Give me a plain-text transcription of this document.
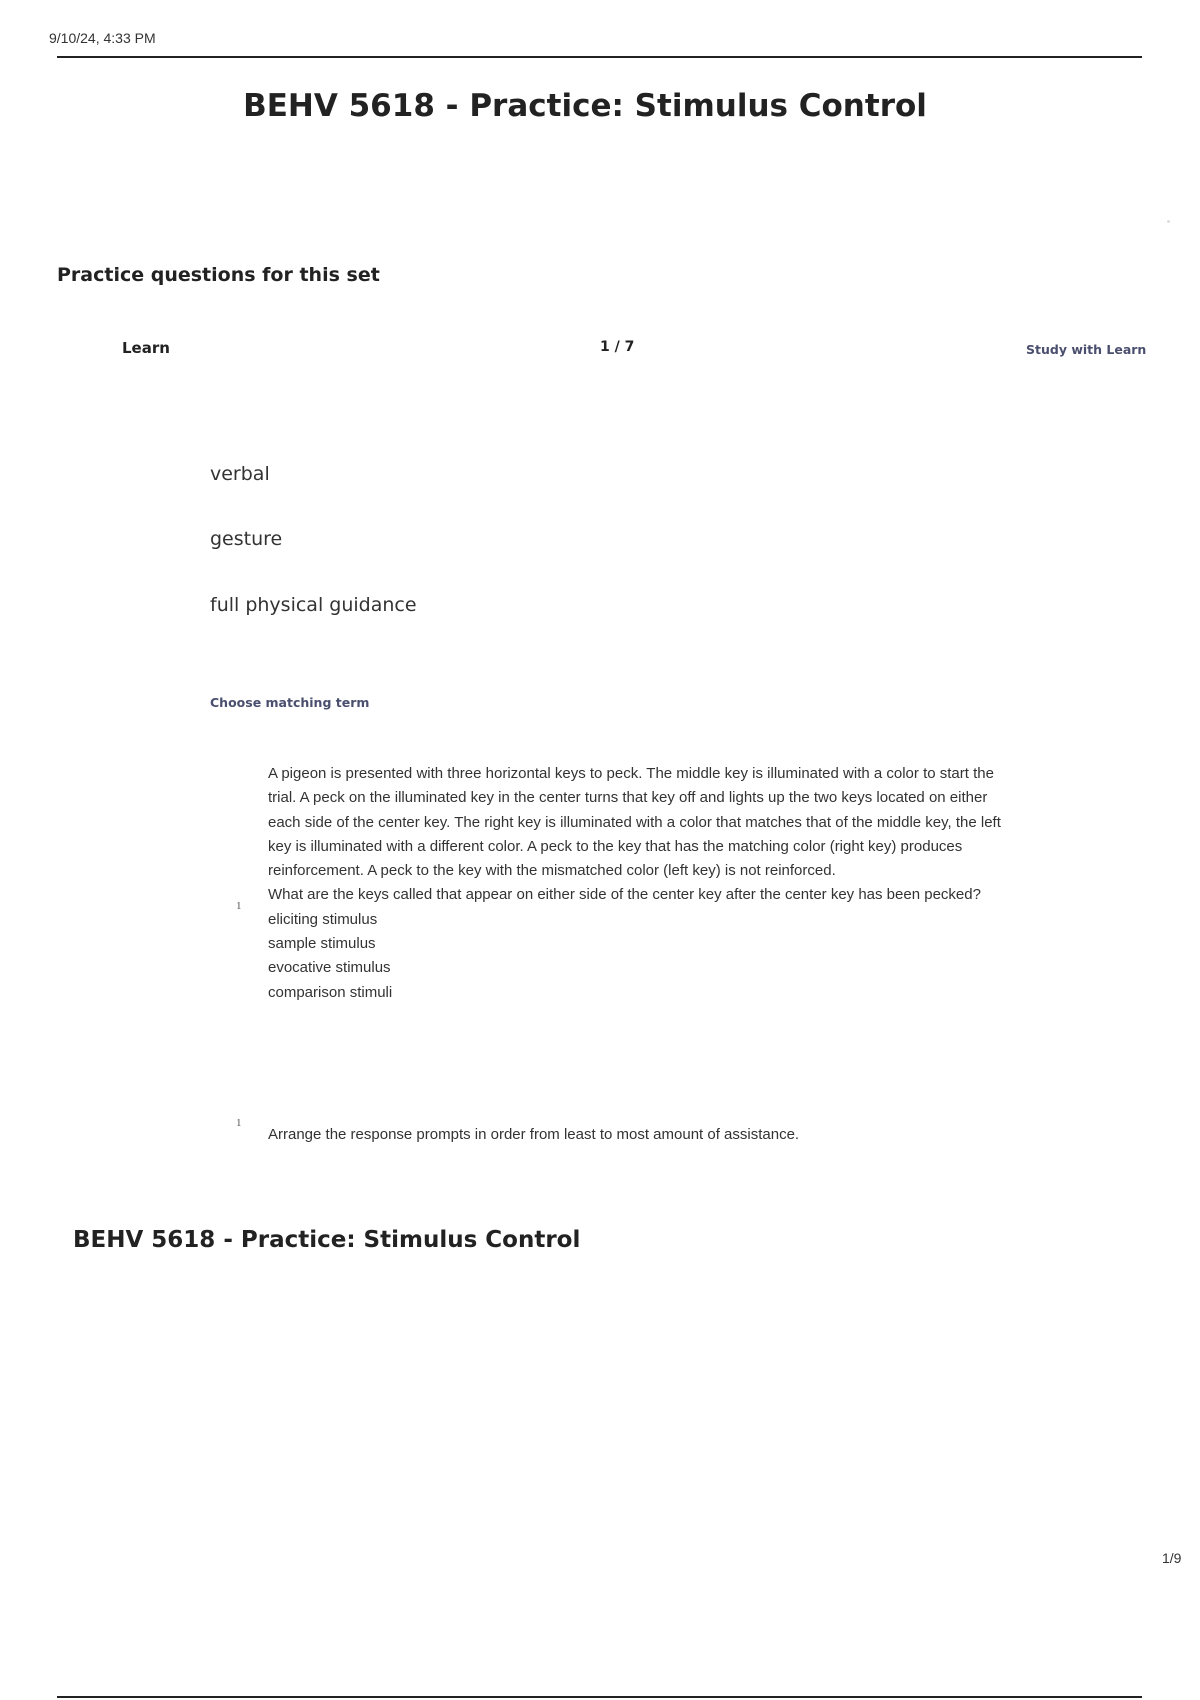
9/10/24, 4:33 PM
BEHV 5618 - Practice: Stimulus Control
Practice questions for this set
Learn	1 / 7	Study with Learn
verbal
gesture
full physical guidance
Choose matching term
1
A pigeon is presented with three horizontal keys to peck. The middle key is illuminated with a color to start the trial. A peck on the illuminated key in the center turns that key off and lights up the two keys located on either each side of the center key. The right key is illuminated with a color that matches that of the middle key, the left key is illuminated with a different color. A peck to the key that has the matching color (right key) produces reinforcement. A peck to the key with the mismatched color (left key) is not reinforced.
What are the keys called that appear on either side of the center key after the center key has been pecked?
eliciting stimulus
sample stimulus
evocative stimulus
comparison stimuli
1
Arrange the response prompts in order from least to most amount of assistance.
BEHV 5618 - Practice: Stimulus Control
1/9
